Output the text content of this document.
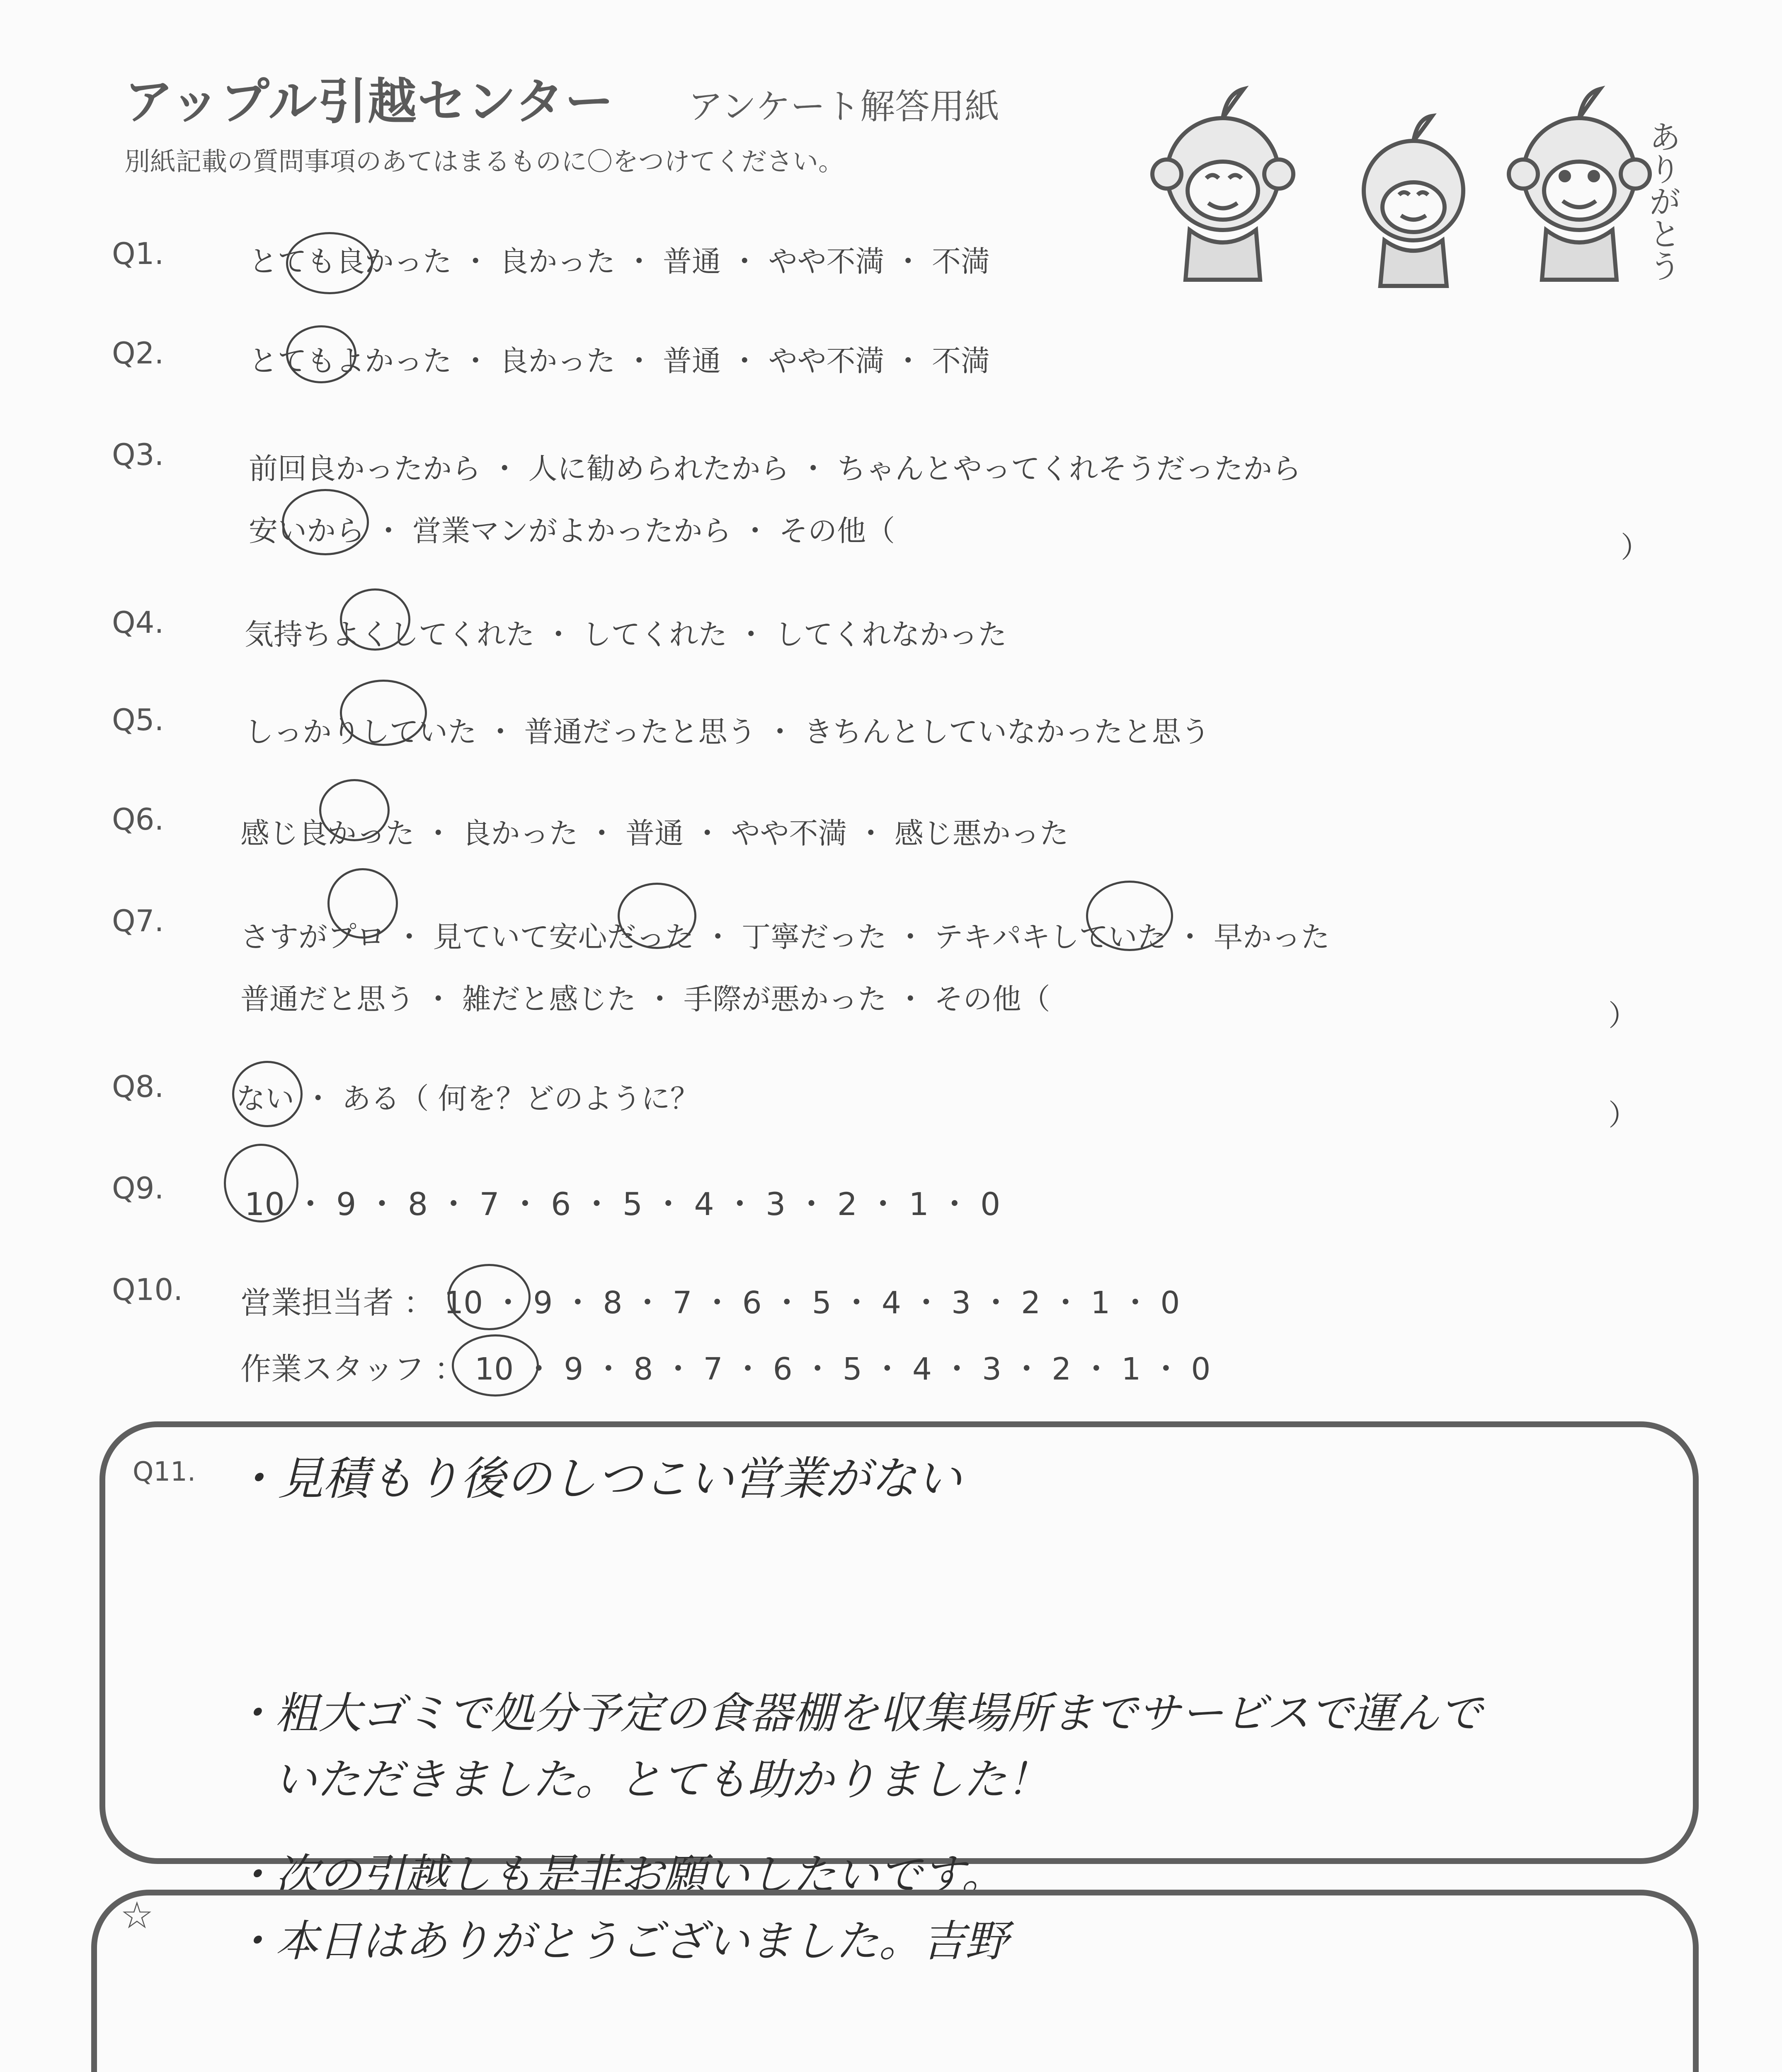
アップル引越センター アンケート解答用紙
別紙記載の質問事項のあてはまるものに〇をつけてください。	ありがとう
Q1.	とても良かった ・ 良かった ・ 普通 ・ やや不満 ・ 不満
Q2.	とてもよかった ・ 良かった ・ 普通 ・ やや不満 ・ 不満
Q3.	前回良かったから ・ 人に勧められたから ・ ちゃんとやってくれそうだったから
安いから ・ 営業マンがよかったから ・ その他（	）
Q4.	気持ちよくしてくれた ・ してくれた ・ してくれなかった
Q5.	しっかりしていた ・ 普通だったと思う ・ きちんとしていなかったと思う
Q6.	感じ良かった ・ 良かった ・ 普通 ・ やや不満 ・ 感じ悪かった
Q7.	さすがプロ ・ 見ていて安心だった ・ 丁寧だった ・ テキパキしていた ・ 早かった
普通だと思う ・ 雑だと感じた ・ 手際が悪かった ・ その他（	）
Q8. ない ・ ある（ 何を？どのように？	）
Q9.	10 ・ 9 ・ 8 ・ 7 ・ 6 ・ 5 ・ 4 ・ 3 ・ 2 ・ 1 ・ 0
Q10. 営業担当者 ： 10 ・ 9 ・ 8 ・ 7 ・ 6 ・ 5 ・ 4 ・ 3 ・ 2 ・ 1 ・ 0
作業スタッフ ： 10 ・ 9 ・ 8 ・ 7 ・ 6 ・ 5 ・ 4 ・ 3 ・ 2 ・ 1 ・ 0
Q11. ・見積もり後のしつこい営業がない
・粗大ゴミで処分予定の食器棚を収集場所までサービスで運んで
いただきました。とても助かりました！
・次の引越しも是非お願いしたいです。
☆
・本日はありがとうございました。吉野
